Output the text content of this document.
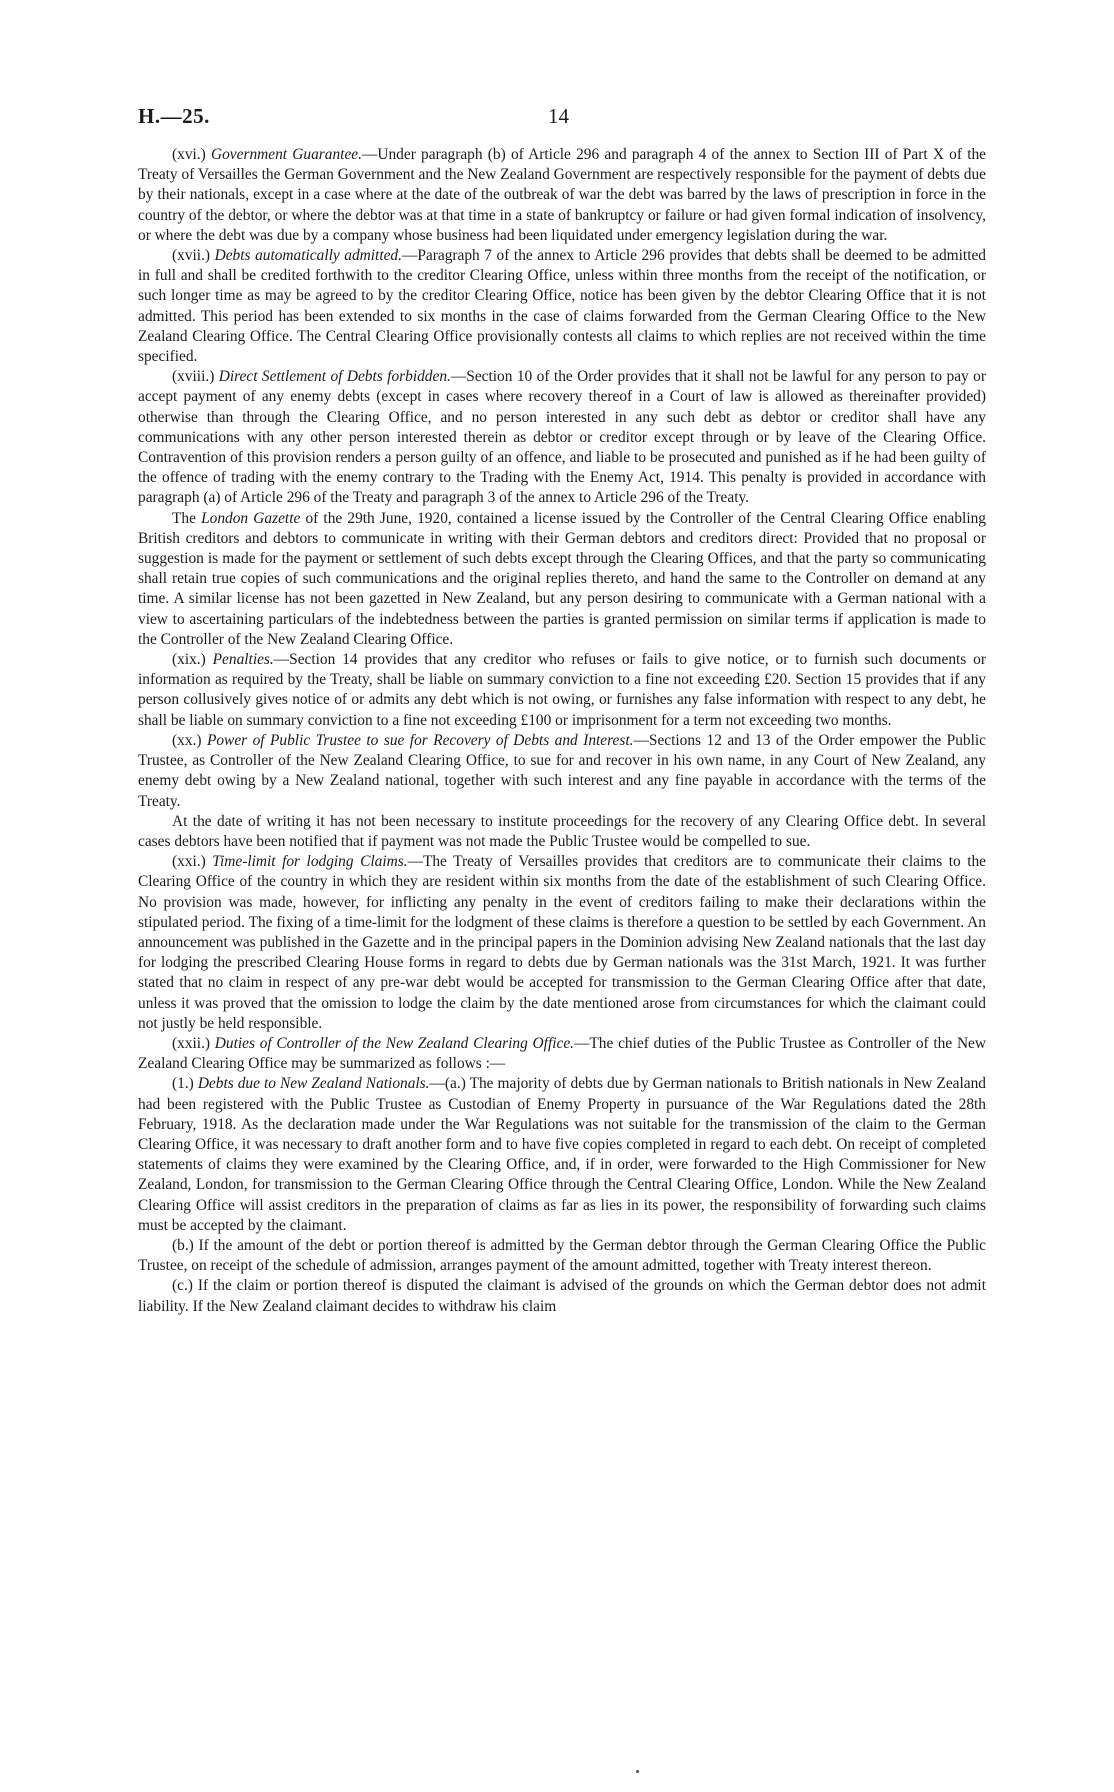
H.—25.	14

(xvi.) Government Guarantee.—Under paragraph (b) of Article 296 and paragraph 4 of the annex to Section III of Part X of the Treaty of Versailles the German Government and the New Zealand Government are respectively responsible for the payment of debts due by their nationals, except in a case where at the date of the outbreak of war the debt was barred by the laws of prescription in force in the country of the debtor, or where the debtor was at that time in a state of bankruptcy or failure or had given formal indication of insolvency, or where the debt was due by a company whose business had been liquidated under emergency legislation during the war.

(xvii.) Debts automatically admitted.—Paragraph 7 of the annex to Article 296 provides that debts shall be deemed to be admitted in full and shall be credited forthwith to the creditor Clearing Office, unless within three months from the receipt of the notification, or such longer time as may be agreed to by the creditor Clearing Office, notice has been given by the debtor Clearing Office that it is not admitted. This period has been extended to six months in the case of claims forwarded from the German Clearing Office to the New Zealand Clearing Office. The Central Clearing Office provisionally contests all claims to which replies are not received within the time specified.

(xviii.) Direct Settlement of Debts forbidden.—Section 10 of the Order provides that it shall not be lawful for any person to pay or accept payment of any enemy debts (except in cases where recovery thereof in a Court of law is allowed as thereinafter provided) otherwise than through the Clearing Office, and no person interested in any such debt as debtor or creditor shall have any communications with any other person interested therein as debtor or creditor except through or by leave of the Clearing Office. Contravention of this provision renders a person guilty of an offence, and liable to be prosecuted and punished as if he had been guilty of the offence of trading with the enemy contrary to the Trading with the Enemy Act, 1914. This penalty is provided in accordance with paragraph (a) of Article 296 of the Treaty and paragraph 3 of the annex to Article 296 of the Treaty.

The London Gazette of the 29th June, 1920, contained a license issued by the Controller of the Central Clearing Office enabling British creditors and debtors to communicate in writing with their German debtors and creditors direct: Provided that no proposal or suggestion is made for the payment or settlement of such debts except through the Clearing Offices, and that the party so communicating shall retain true copies of such communications and the original replies thereto, and hand the same to the Controller on demand at any time. A similar license has not been gazetted in New Zealand, but any person desiring to communicate with a German national with a view to ascertaining particulars of the indebtedness between the parties is granted permission on similar terms if application is made to the Controller of the New Zealand Clearing Office.

(xix.) Penalties.—Section 14 provides that any creditor who refuses or fails to give notice, or to furnish such documents or information as required by the Treaty, shall be liable on summary conviction to a fine not exceeding £20. Section 15 provides that if any person collusively gives notice of or admits any debt which is not owing, or furnishes any false information with respect to any debt, he shall be liable on summary conviction to a fine not exceeding £100 or imprisonment for a term not exceeding two months.

(xx.) Power of Public Trustee to sue for Recovery of Debts and Interest.—Sections 12 and 13 of the Order empower the Public Trustee, as Controller of the New Zealand Clearing Office, to sue for and recover in his own name, in any Court of New Zealand, any enemy debt owing by a New Zealand national, together with such interest and any fine payable in accordance with the terms of the Treaty.

At the date of writing it has not been necessary to institute proceedings for the recovery of any Clearing Office debt. In several cases debtors have been notified that if payment was not made the Public Trustee would be compelled to sue.

(xxi.) Time-limit for lodging Claims.—The Treaty of Versailles provides that creditors are to communicate their claims to the Clearing Office of the country in which they are resident within six months from the date of the establishment of such Clearing Office. No provision was made, however, for inflicting any penalty in the event of creditors failing to make their declarations within the stipulated period. The fixing of a time-limit for the lodgment of these claims is therefore a question to be settled by each Government. An announcement was published in the Gazette and in the principal papers in the Dominion advising New Zealand nationals that the last day for lodging the prescribed Clearing House forms in regard to debts due by German nationals was the 31st March, 1921. It was further stated that no claim in respect of any pre-war debt would be accepted for transmission to the German Clearing Office after that date, unless it was proved that the omission to lodge the claim by the date mentioned arose from circumstances for which the claimant could not justly be held responsible.

(xxii.) Duties of Controller of the New Zealand Clearing Office.—The chief duties of the Public Trustee as Controller of the New Zealand Clearing Office may be summarized as follows :—

(1.) Debts due to New Zealand Nationals.—(a.) The majority of debts due by German nationals to British nationals in New Zealand had been registered with the Public Trustee as Custodian of Enemy Property in pursuance of the War Regulations dated the 28th February, 1918. As the declaration made under the War Regulations was not suitable for the transmission of the claim to the German Clearing Office, it was necessary to draft another form and to have five copies completed in regard to each debt. On receipt of completed statements of claims they were examined by the Clearing Office, and, if in order, were forwarded to the High Commissioner for New Zealand, London, for transmission to the German Clearing Office through the Central Clearing Office, London. While the New Zealand Clearing Office will assist creditors in the preparation of claims as far as lies in its power, the responsibility of forwarding such claims must be accepted by the claimant.

(b.) If the amount of the debt or portion thereof is admitted by the German debtor through the German Clearing Office the Public Trustee, on receipt of the schedule of admission, arranges payment of the amount admitted, together with Treaty interest thereon.

(c.) If the claim or portion thereof is disputed the claimant is advised of the grounds on which the German debtor does not admit liability. If the New Zealand claimant decides to withdraw his claim
